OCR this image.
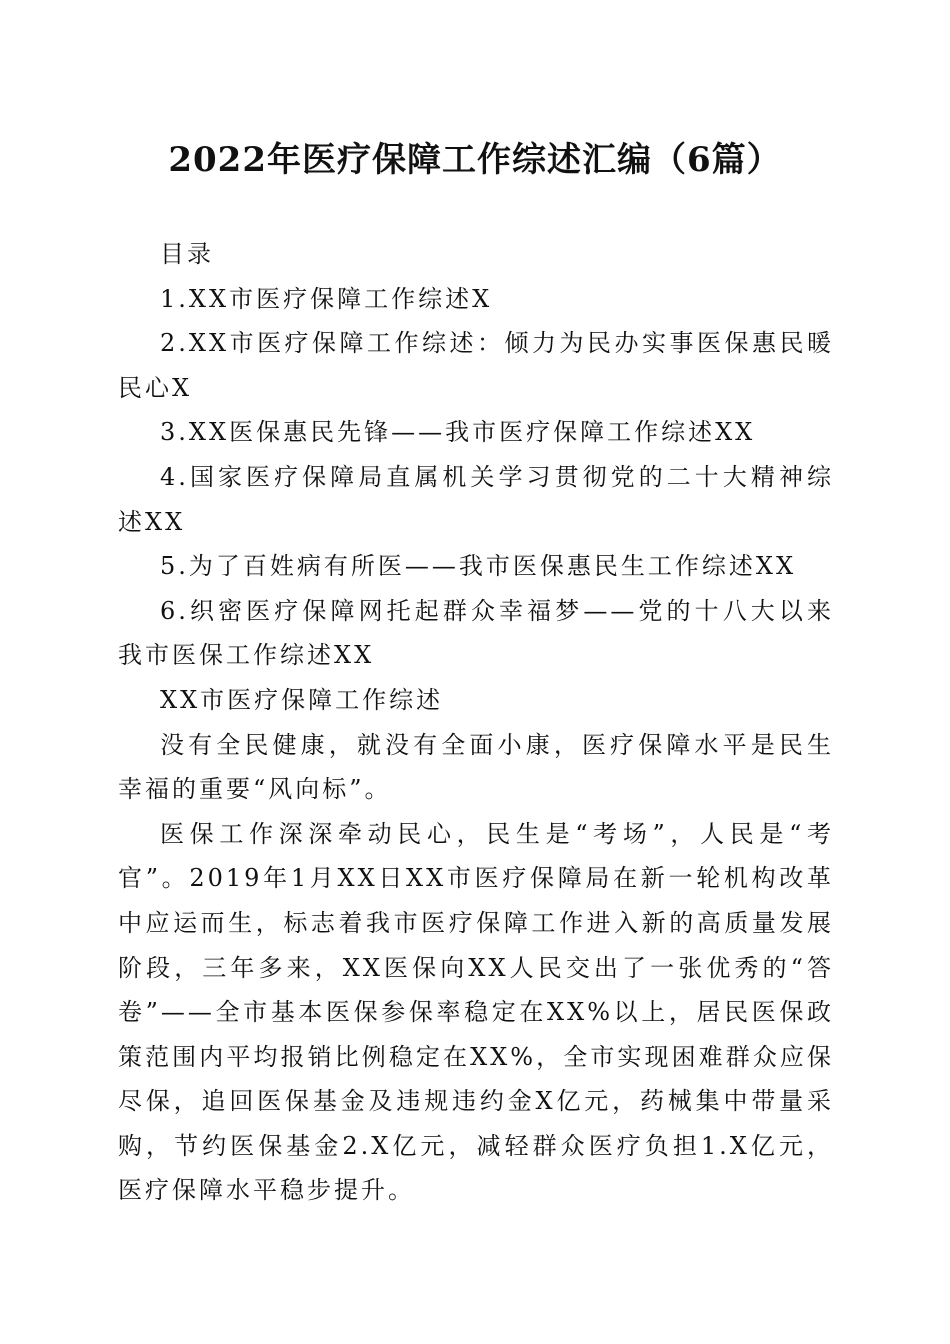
2022年医疗保障工作综述汇编（6篇）

目录

1.XX市医疗保障工作综述X

2.XX市医疗保障工作综述：倾力为民办实事医保惠民暖民心X

3.XX医保惠民先锋——我市医疗保障工作综述XX

4.国家医疗保障局直属机关学习贯彻党的二十大精神综述XX

5.为了百姓病有所医——我市医保惠民生工作综述XX

6.织密医疗保障网托起群众幸福梦——党的十八大以来我市医保工作综述XX

XX市医疗保障工作综述

没有全民健康，就没有全面小康，医疗保障水平是民生幸福的重要“风向标”。

医保工作深深牵动民心，民生是“考场”，人民是“考官”。2019年1月XX日XX市医疗保障局在新一轮机构改革中应运而生，标志着我市医疗保障工作进入新的高质量发展阶段，三年多来，XX医保向XX人民交出了一张优秀的“答卷”——全市基本医保参保率稳定在XX%以上，居民医保政策范围内平均报销比例稳定在XX%，全市实现困难群众应保尽保，追回医保基金及违规违约金X亿元，药械集中带量采购，节约医保基金2.X亿元，减轻群众医疗负担1.X亿元，医疗保障水平稳步提升。
